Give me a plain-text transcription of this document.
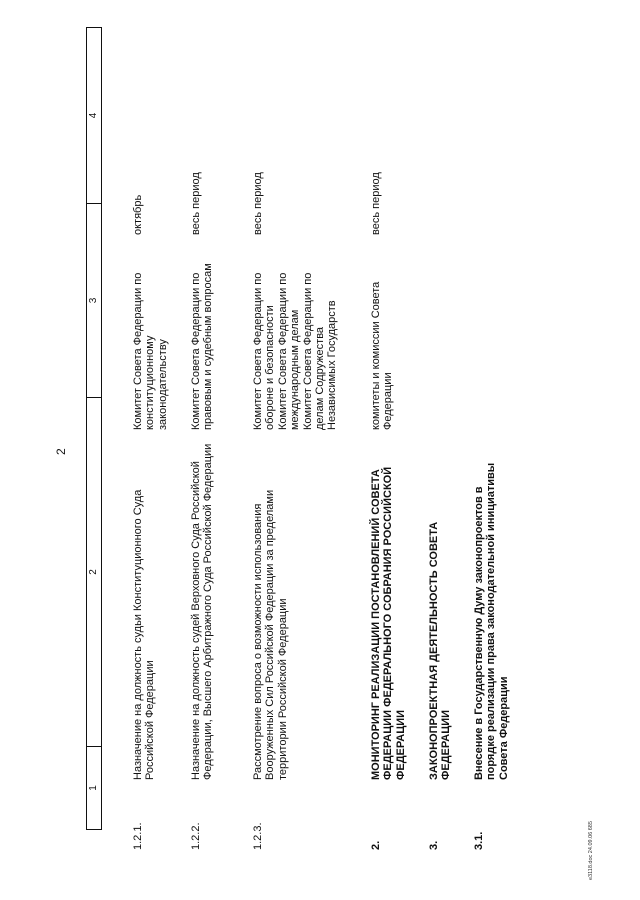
2
1
2
3
4
1.2.1.
Назначение на должность судьи Конституционного Суда Российской Федерации
Комитет Совета Федерации по конституционному законодательству
октябрь
1.2.2.
Назначение на должность судей Верховного Суда Российской Федерации, Высшего Арбитражного Суда Российской Федерации
Комитет Совета Федерации по правовым и судебным вопросам
весь период
1.2.3.
Рассмотрение вопроса о возможности использования Вооруженных Сил Российской Федерации за пределами территории Российской Федерации
Комитет Совета Федерации по обороне и безопасности Комитет Совета Федерации по международным делам Комитет Совета Федерации по делам Содружества Независимых Государств
весь период
2.
МОНИТОРИНГ РЕАЛИЗАЦИИ ПОСТАНОВЛЕНИЙ СОВЕТА ФЕДЕРАЦИИ ФЕДЕРАЛЬНОГО СОБРАНИЯ РОССИЙСКОЙ ФЕДЕРАЦИИ
комитеты и комиссии Совета Федерации
весь период
3.
ЗАКОНОПРОЕКТНАЯ ДЕЯТЕЛЬНОСТЬ СОВЕТА ФЕДЕРАЦИИ
3.1.
Внесение в Государственную Думу законопроектов в порядке реализации права законодательной инициативы Совета Федерации
e3118.doc 24.09.06 685
